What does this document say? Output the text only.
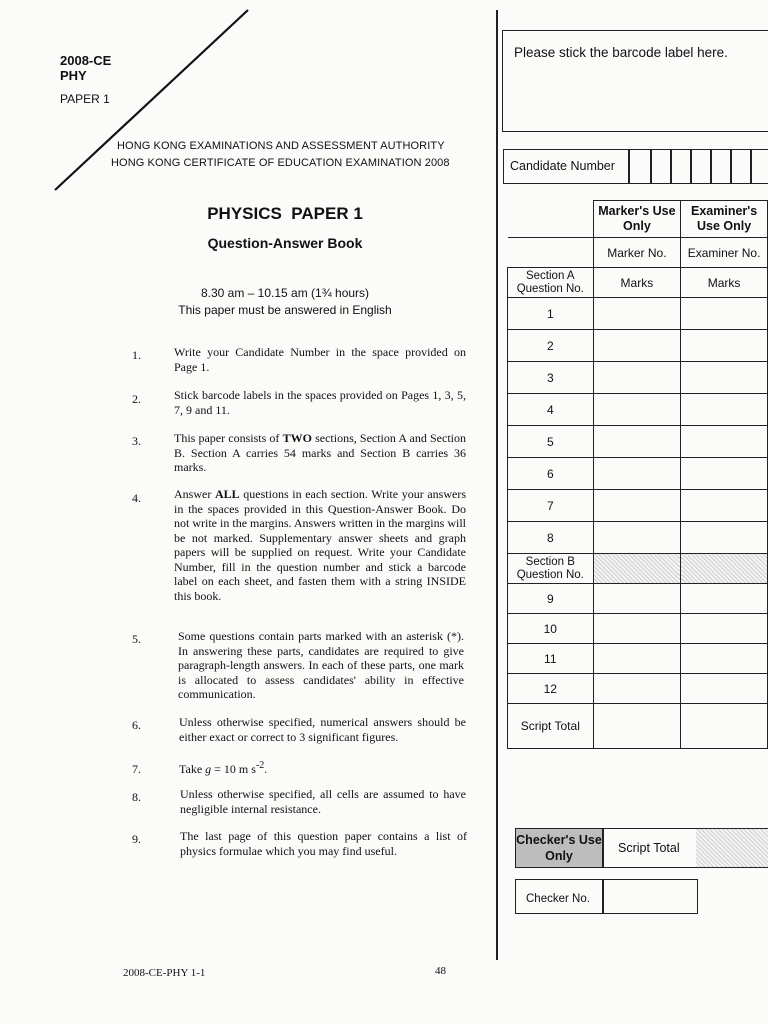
2008-CE
PHY
PAPER 1
HONG KONG EXAMINATIONS AND ASSESSMENT AUTHORITY
HONG KONG CERTIFICATE OF EDUCATION EXAMINATION 2008
PHYSICS  PAPER 1
Question-Answer Book
8.30 am – 10.15 am (1¾ hours)
This paper must be answered in English
1.	Write your Candidate Number in the space provided on Page 1.
2.	Stick barcode labels in the spaces provided on Pages 1, 3, 5, 7, 9 and 11.
3.	This paper consists of TWO sections, Section A and Section B. Section A carries 54 marks and Section B carries 36 marks.
4.	Answer ALL questions in each section. Write your answers in the spaces provided in this Question-Answer Book. Do not write in the margins. Answers written in the margins will be not marked. Supplementary answer sheets and graph papers will be supplied on request. Write your Candidate Number, fill in the question number and stick a barcode label on each sheet, and fasten them with a string INSIDE this book.
5.	Some questions contain parts marked with an asterisk (*). In answering these parts, candidates are required to give paragraph-length answers. In each of these parts, one mark is allocated to assess candidates' ability in effective communication.
6.	Unless otherwise specified, numerical answers should be either exact or correct to 3 significant figures.
7.	Take g = 10 m $s^{-2}$.
8.	Unless otherwise specified, all cells are assumed to have negligible internal resistance.
9.	The last page of this question paper contains a list of physics formulae which you may find useful.
2008-CE-PHY 1-1	48
Please stick the barcode label here.
Candidate Number
	Marker's Use Only	Examiner's Use Only
	Marker No.	Examiner No.
Section A Question No.	Marks	Marks
1		
2		
3		
4		
5		
6		
7		
8		
Section B Question No.		
9		
10		
11		
12		
Script Total		
Checker's Use Only
Script Total
Checker No.
